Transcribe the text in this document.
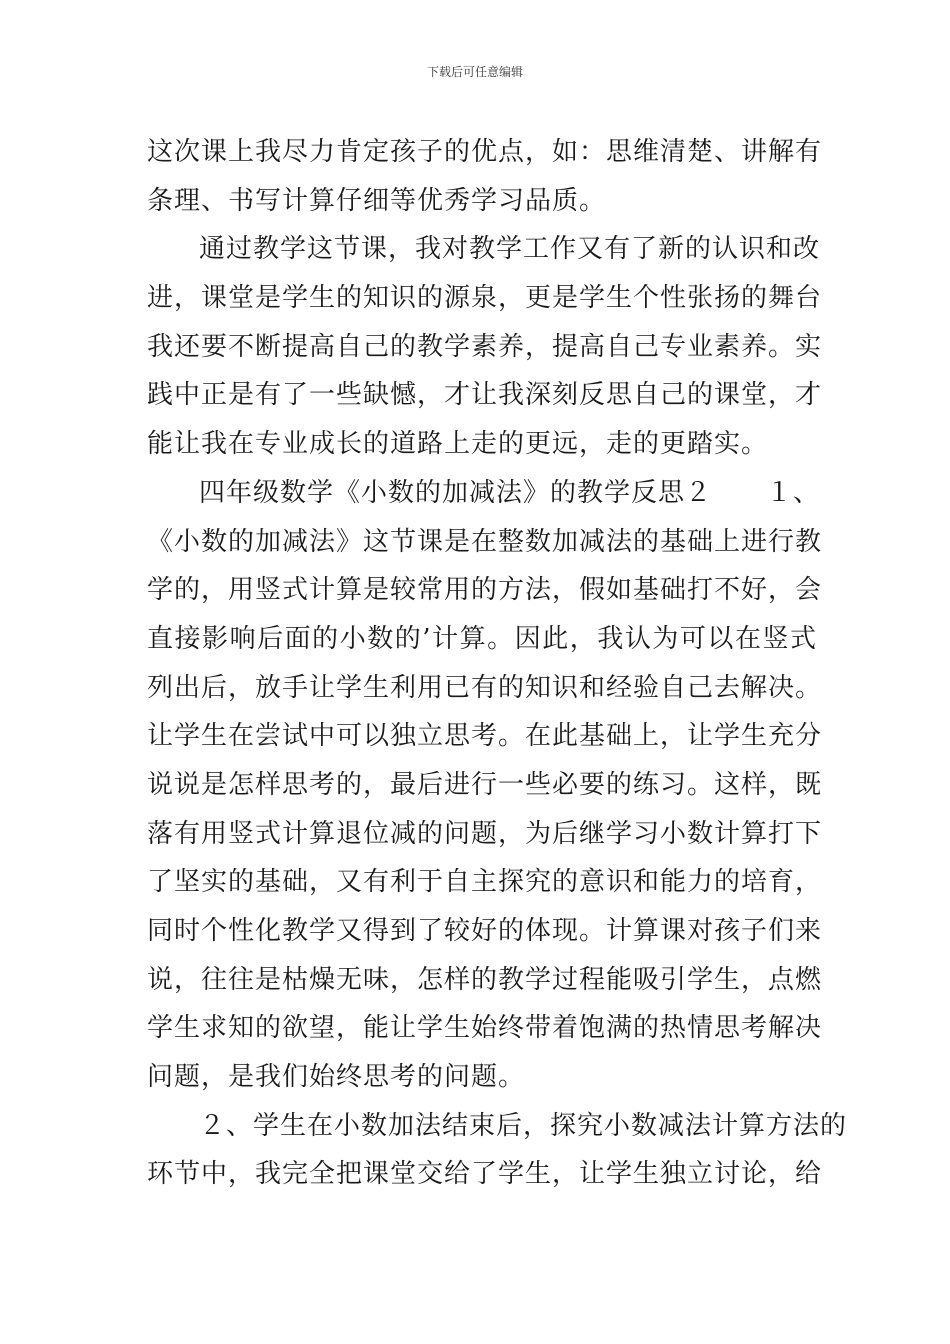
下载后可任意编辑
这次课上我尽力肯定孩子的优点，如：思维清楚、讲解有
条理、书写计算仔细等优秀学习品质。
通过教学这节课，我对教学工作又有了新的认识和改
进，课堂是学生的知识的源泉，更是学生个性张扬的舞台
我还要不断提高自己的教学素养，提高自己专业素养。实
践中正是有了一些缺憾，才让我深刻反思自己的课堂，才
能让我在专业成长的道路上走的更远，走的更踏实。
四年级数学《小数的加减法》的教学反思２　　１、
《小数的加减法》这节课是在整数加减法的基础上进行教
学的，用竖式计算是较常用的方法，假如基础打不好，会
直接影响后面的小数的’计算。因此，我认为可以在竖式
列出后，放手让学生利用已有的知识和经验自己去解决。
让学生在尝试中可以独立思考。在此基础上，让学生充分
说说是怎样思考的，最后进行一些必要的练习。这样，既
落有用竖式计算退位减的问题，为后继学习小数计算打下
了坚实的基础，又有利于自主探究的意识和能力的培育，
同时个性化教学又得到了较好的体现。计算课对孩子们来
说，往往是枯燥无味，怎样的教学过程能吸引学生，点燃
学生求知的欲望，能让学生始终带着饱满的热情思考解决
问题，是我们始终思考的问题。
２、学生在小数加法结束后，探究小数减法计算方法的
环节中，我完全把课堂交给了学生，让学生独立讨论，给
